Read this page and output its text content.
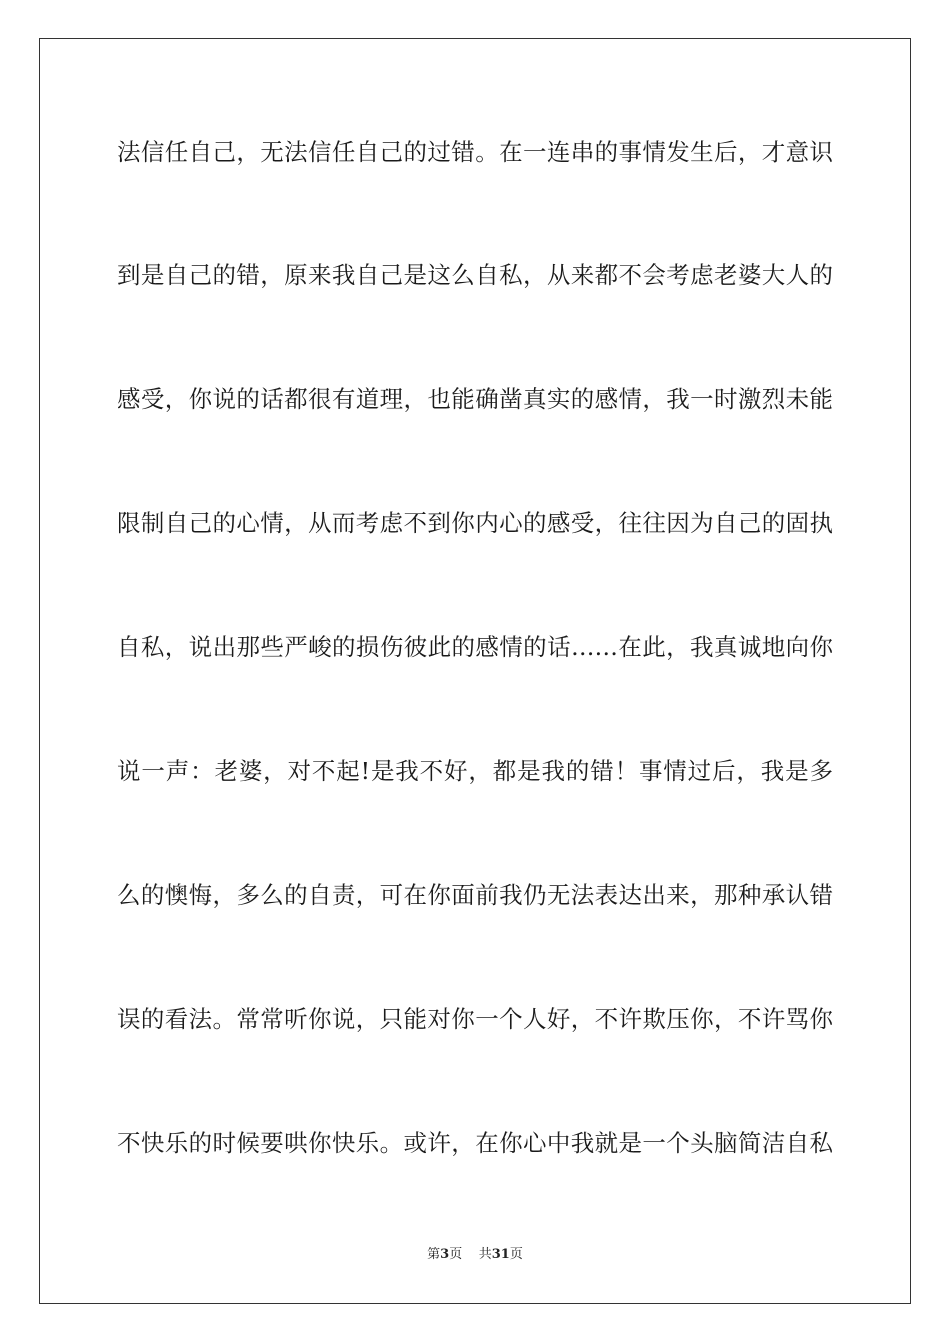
法信任自己，无法信任自己的过错。在一连串的事情发生后，才意识
到是自己的错，原来我自己是这么自私，从来都不会考虑老婆大人的
感受，你说的话都很有道理，也能确凿真实的感情，我一时激烈未能
限制自己的心情，从而考虑不到你内心的感受，往往因为自己的固执
自私，说出那些严峻的损伤彼此的感情的话……在此，我真诚地向你
说一声：老婆，对不起!是我不好，都是我的错！事情过后，我是多
么的懊悔，多么的自责，可在你面前我仍无法表达出来，那种承认错
误的看法。常常听你说，只能对你一个人好，不许欺压你，不许骂你
不快乐的时候要哄你快乐。或许，在你心中我就是一个头脑简洁自私
第3页 共31页
